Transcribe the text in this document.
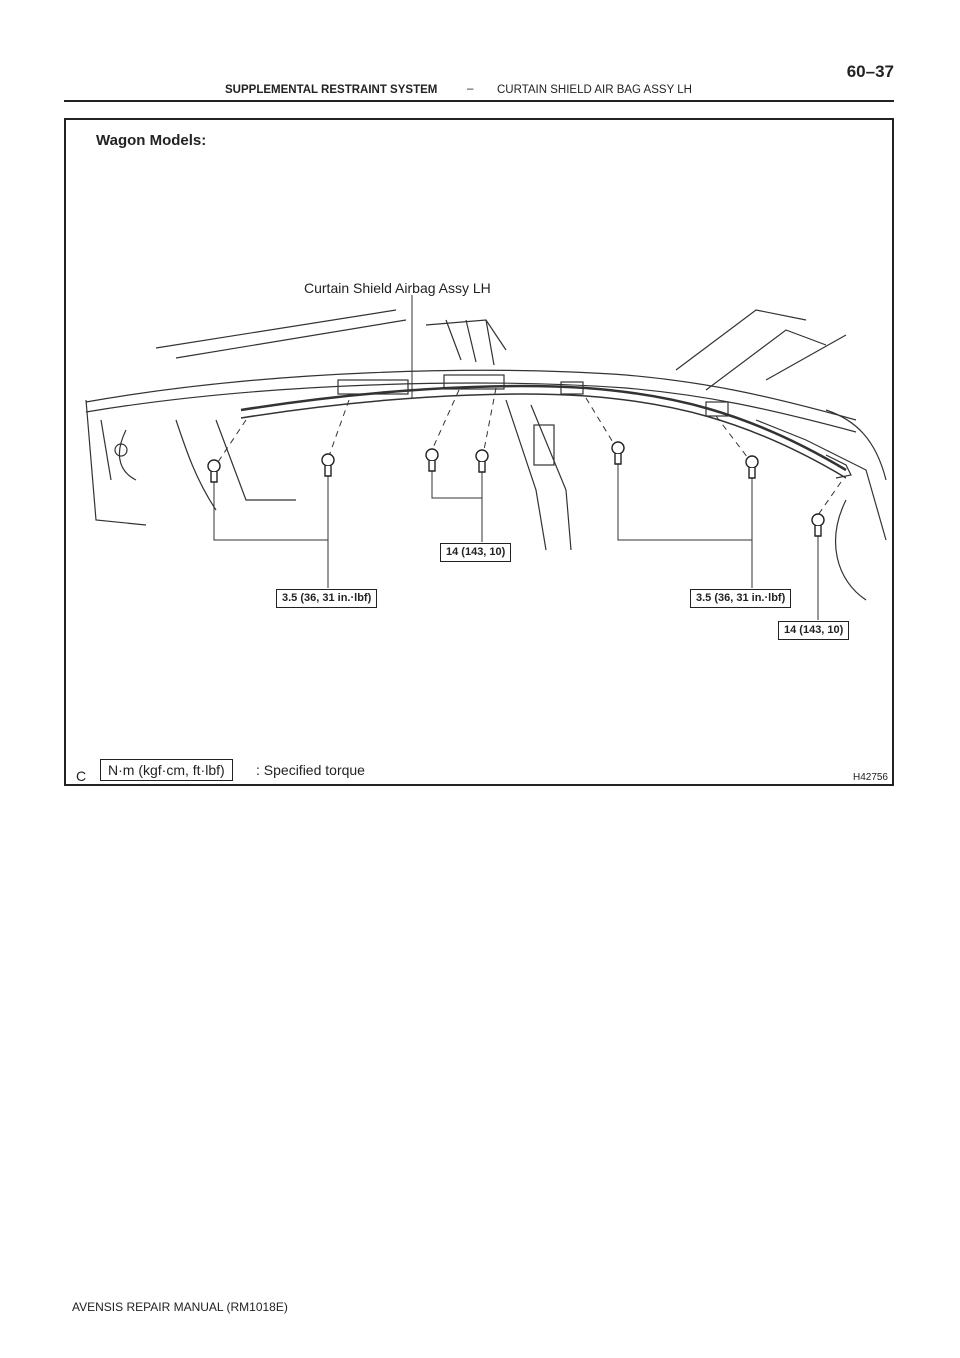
60–37
SUPPLEMENTAL RESTRAINT SYSTEM	– CURTAIN SHIELD AIR BAG ASSY LH
Wagon Models:
Curtain Shield Airbag Assy LH
14 (143, 10)
3.5 (36, 31 in.·lbf)	3.5 (36, 31 in.·lbf)
14 (143, 10)
C	N·m (kgf·cm, ft·lbf)	: Specified torque	H42756
AVENSIS REPAIR MANUAL (RM1018E)
